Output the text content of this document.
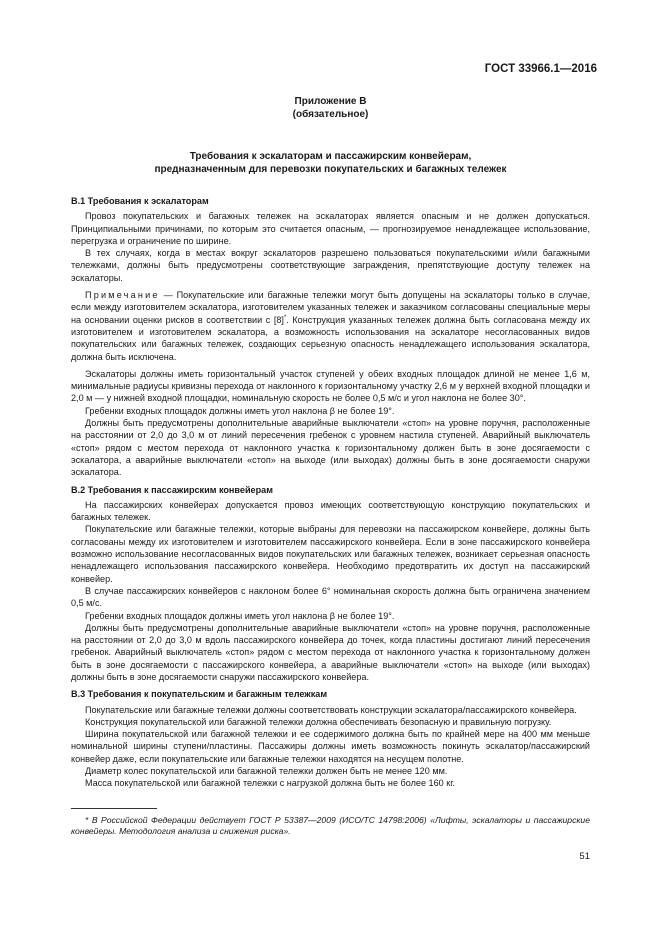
ГОСТ 33966.1—2016
Приложение В
(обязательное)
Требования к эскалаторам и пассажирским конвейерам,
предназначенным для перевозки покупательских и багажных тележек
В.1 Требования к эскалаторам

Провоз покупательских и багажных тележек на эскалаторах является опасным и не должен допускаться. Принципиальными причинами, по которым это считается опасным, — прогнозируемое ненадлежащее использование, перегрузка и ограничение по ширине.

В тех случаях, когда в местах вокруг эскалаторов разрешено пользоваться покупательскими и/или багажными тележками, должны быть предусмотрены соответствующие заграждения, препятствующие доступу тележек на эскалаторы.

Примечание — Покупательские или багажные тележки могут быть допущены на эскалаторы только в случае, если между изготовителем эскалатора, изготовителем указанных тележек и заказчиком согласованы специальные меры на основании оценки рисков в соответствии с [8]*. Конструкция указанных тележек должна быть согласована между их изготовителем и изготовителем эскалатора, а возможность использования на эскалаторе несогласованных видов покупательских или багажных тележек, создающих серьезную опасность ненадлежащего использования эскалатора, должна быть исключена.

Эскалаторы должны иметь горизонтальный участок ступеней у обеих входных площадок длиной не менее 1,6 м, минимальные радиусы кривизны перехода от наклонного к горизонтальному участку 2,6 м у верхней входной площадки и 2,0 м — у нижней входной площадки, номинальную скорость не более 0,5 м/с и угол наклона не более 30°.

Гребенки входных площадок должны иметь угол наклона β не более 19°.

Должны быть предусмотрены дополнительные аварийные выключатели «стоп» на уровне поручня, расположенные на расстоянии от 2,0 до 3,0 м от линий пересечения гребенок с уровнем настила ступеней. Аварийный выключатель «стоп» рядом с местом перехода от наклонного участка к горизонтальному должен быть в зоне досягаемости с эскалатора, а аварийные выключатели «стоп» на выходе (или выходах) должны быть в зоне досягаемости снаружи эскалатора.

В.2 Требования к пассажирским конвейерам

На пассажирских конвейерах допускается провоз имеющих соответствующую конструкцию покупательских и багажных тележек.

Покупательские или багажные тележки, которые выбраны для перевозки на пассажирском конвейере, должны быть согласованы между их изготовителем и изготовителем пассажирского конвейера. Если в зоне пассажирского конвейера возможно использование несогласованных видов покупательских или багажных тележек, возникает серьезная опасность ненадлежащего использования пассажирского конвейера. Необходимо предотвратить их доступ на пассажирский конвейер.

В случае пассажирских конвейеров с наклоном более 6° номинальная скорость должна быть ограничена значением 0,5 м/с.

Гребенки входных площадок должны иметь угол наклона β не более 19°.

Должны быть предусмотрены дополнительные аварийные выключатели «стоп» на уровне поручня, расположенные на расстоянии от 2,0 до 3,0 м вдоль пассажирского конвейера до точек, когда пластины достигают линий пересечения гребенок. Аварийный выключатель «стоп» рядом с местом перехода от наклонного участка к горизонтальному должен быть в зоне досягаемости с пассажирского конвейера, а аварийные выключатели «стоп» на выходе (или выходах) должны быть в зоне досягаемости снаружи пассажирского конвейера.

В.3 Требования к покупательским и багажным тележкам

Покупательские или багажные тележки должны соответствовать конструкции эскалатора/пассажирского конвейера.

Конструкция покупательской или багажной тележки должна обеспечивать безопасную и правильную погрузку.

Ширина покупательской или багажной тележки и ее содержимого должна быть по крайней мере на 400 мм меньше номинальной ширины ступени/пластины. Пассажиры должны иметь возможность покинуть эскалатор/пассажирский конвейер даже, если покупательские или багажные тележки находятся на несущем полотне.

Диаметр колес покупательской или багажной тележки должен быть не менее 120 мм.

Масса покупательской или багажной тележки с нагрузкой должна быть не более 160 кг.

* В Российской Федерации действует ГОСТ Р 53387—2009 (ИСО/ТС 14798:2006) «Лифты, эскалаторы и пассажирские конвейеры. Методология анализа и снижения риска».
51
